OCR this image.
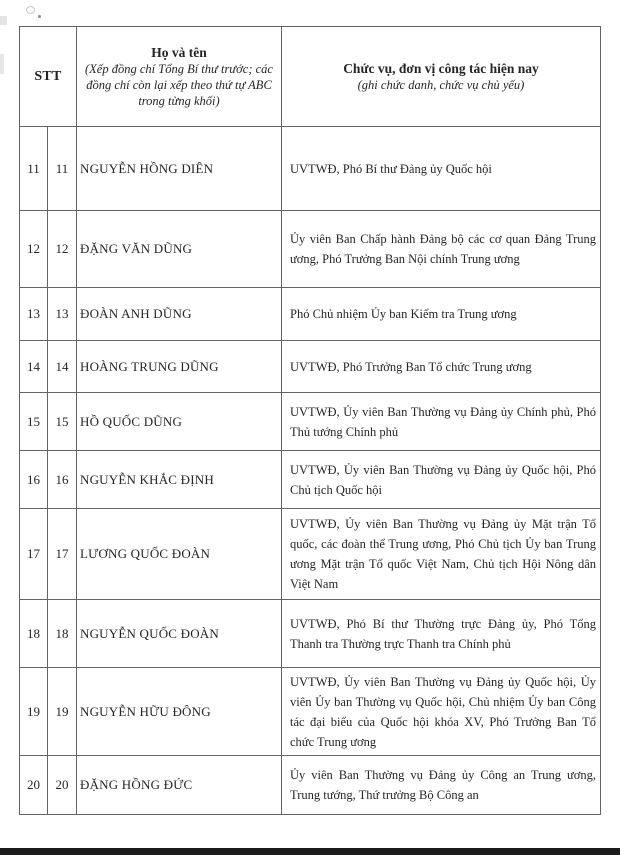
STT	
Họ và tên
(Xếp đồng chí Tổng Bí thư trước; các đồng chí còn lại xếp theo thứ tự ABC trong từng khối)

Chức vụ, đơn vị công tác hiện nay
(ghi chức danh, chức vụ chủ yếu)

11	11	NGUYỄN HỒNG DIÊN	UVTWĐ, Phó Bí thư Đảng ủy Quốc hội
12	12	ĐẶNG VĂN DŨNG	Ủy viên Ban Chấp hành Đảng bộ các cơ quan Đảng Trung ương, Phó Trưởng Ban Nội chính Trung ương
13	13	ĐOÀN ANH DŨNG	Phó Chủ nhiệm Ủy ban Kiểm tra Trung ương
14	14	HOÀNG TRUNG DŨNG	UVTWĐ, Phó Trưởng Ban Tổ chức Trung ương
15	15	HỒ QUỐC DŨNG	UVTWĐ, Ủy viên Ban Thường vụ Đảng ủy Chính phủ, Phó Thủ tướng Chính phủ
16	16	NGUYỄN KHẮC ĐỊNH	UVTWĐ, Ủy viên Ban Thường vụ Đảng ủy Quốc hội, Phó Chủ tịch Quốc hội
17	17	LƯƠNG QUỐC ĐOÀN	UVTWĐ, Ủy viên Ban Thường vụ Đảng ủy Mặt trận Tổ quốc, các đoàn thể Trung ương, Phó Chủ tịch Ủy ban Trung ương Mặt trận Tổ quốc Việt Nam, Chủ tịch Hội Nông dân Việt Nam
18	18	NGUYỄN QUỐC ĐOÀN	UVTWĐ, Phó Bí thư Thường trực Đảng ủy, Phó Tổng Thanh tra Thường trực Thanh tra Chính phủ
19	19	NGUYỄN HỮU ĐÔNG	UVTWĐ, Ủy viên Ban Thường vụ Đảng ủy Quốc hội, Ủy viên Ủy ban Thường vụ Quốc hội, Chủ nhiệm Ủy ban Công tác đại biểu của Quốc hội khóa XV, Phó Trưởng Ban Tổ chức Trung ương
20	20	ĐẶNG HỒNG ĐỨC	Ủy viên Ban Thường vụ Đảng ủy Công an Trung ương, Trung tướng, Thứ trưởng Bộ Công an
